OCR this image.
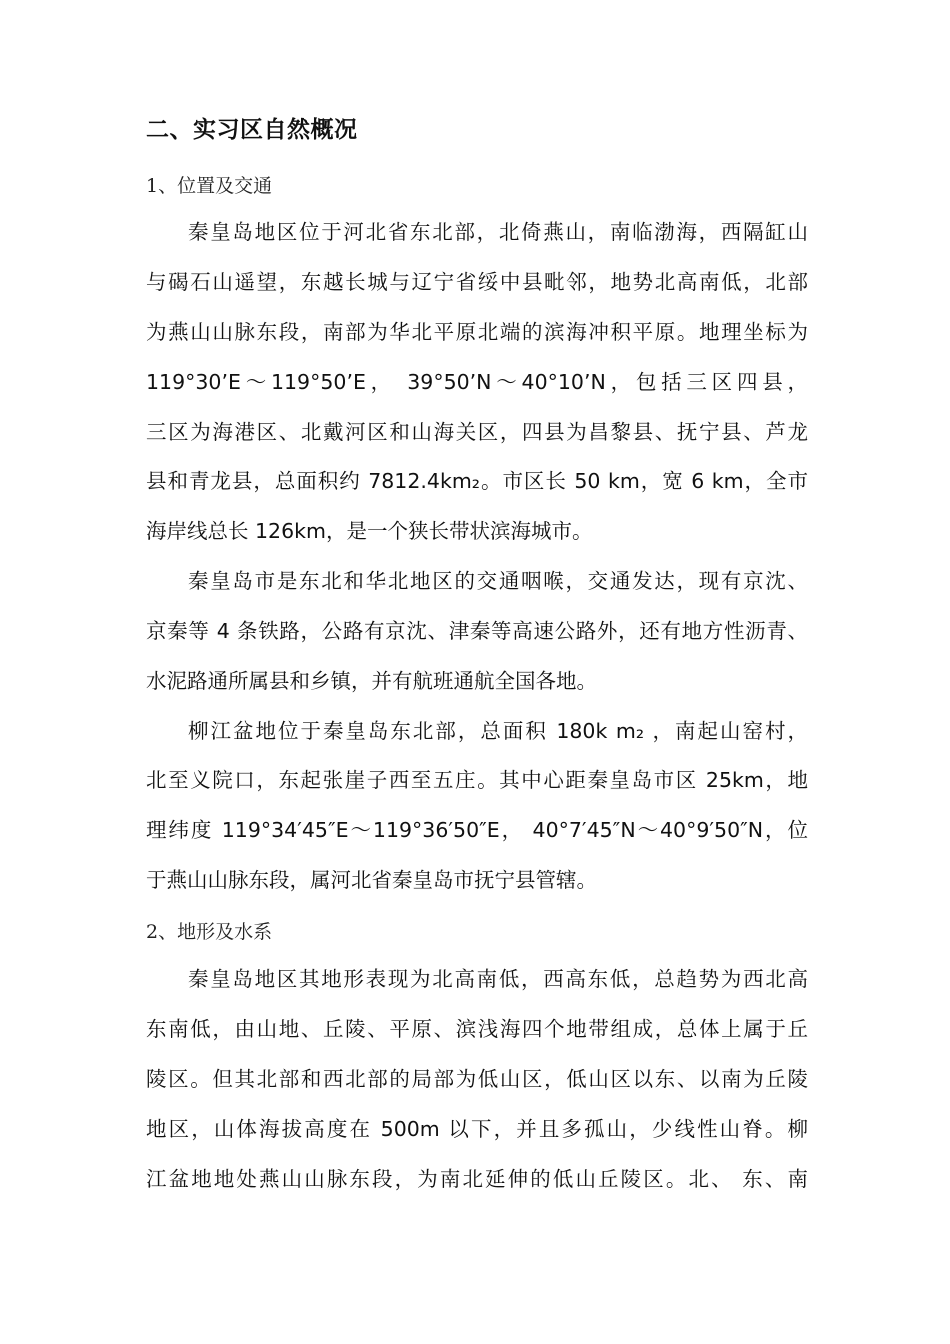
二、实习区自然概况
1、位置及交通
秦皇岛地区位于河北省东北部，北倚燕山，南临渤海，西隔缸山
与碣石山遥望，东越长城与辽宁省绥中县毗邻，地势北高南低，北部
为燕山山脉东段，南部为华北平原北端的滨海冲积平原。地理坐标为
119°30’E～119°50’E， 39°50’N～40°10’N，包括三区四县，
三区为海港区、北戴河区和山海关区，四县为昌黎县、抚宁县、芦龙
县和青龙县，总面积约 7812.4km₂。市区长 50 km，宽 6 km，全市
海岸线总长 126km，是一个狭长带状滨海城市。
秦皇岛市是东北和华北地区的交通咽喉，交通发达，现有京沈、
京秦等 4 条铁路，公路有京沈、津秦等高速公路外，还有地方性沥青、
水泥路通所属县和乡镇，并有航班通航全国各地。
柳江盆地位于秦皇岛东北部，总面积 180k m₂ ，南起山窑村，
北至义院口，东起张崖子西至五庄。其中心距秦皇岛市区 25km，地
理纬度 119°34′45″E～119°36′50″E， 40°7′45″N～40°9′50″N，位
于燕山山脉东段，属河北省秦皇岛市抚宁县管辖。
2、地形及水系
秦皇岛地区其地形表现为北高南低，西高东低，总趋势为西北高
东南低，由山地、丘陵、平原、滨浅海四个地带组成，总体上属于丘
陵区。但其北部和西北部的局部为低山区，低山区以东、以南为丘陵
地区，山体海拔高度在 500m 以下，并且多孤山，少线性山脊。柳
江盆地地处燕山山脉东段，为南北延伸的低山丘陵区。北、 东、南
